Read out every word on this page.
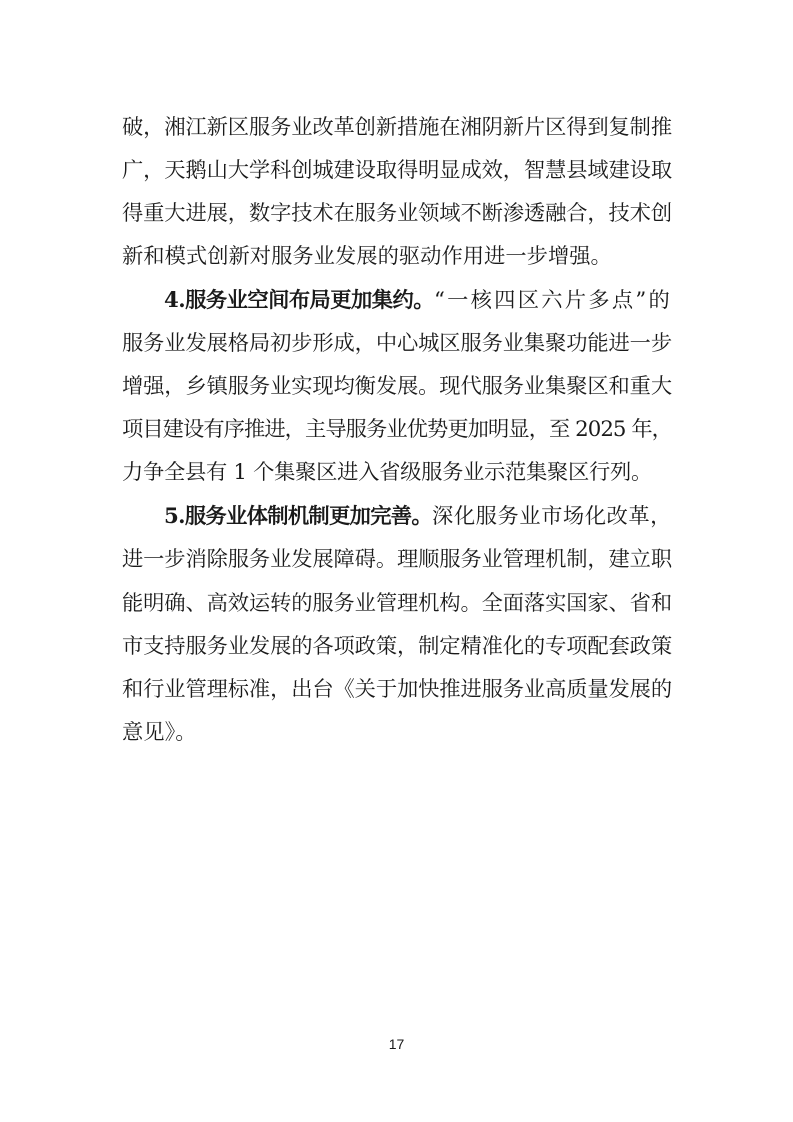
破，湘江新区服务业改革创新措施在湘阴新片区得到复制推
广，天鹅山大学科创城建设取得明显成效，智慧县域建设取
得重大进展，数字技术在服务业领域不断渗透融合，技术创
新和模式创新对服务业发展的驱动作用进一步增强。
4.服务业空间布局更加集约。“一核四区六片多点”的
服务业发展格局初步形成，中心城区服务业集聚功能进一步
增强，乡镇服务业实现均衡发展。现代服务业集聚区和重大
项目建设有序推进，主导服务业优势更加明显，至 2025 年，
力争全县有 1 个集聚区进入省级服务业示范集聚区行列。
5.服务业体制机制更加完善。深化服务业市场化改革，
进一步消除服务业发展障碍。理顺服务业管理机制，建立职
能明确、高效运转的服务业管理机构。全面落实国家、省和
市支持服务业发展的各项政策，制定精准化的专项配套政策
和行业管理标准，出台《关于加快推进服务业高质量发展的
意见》。
17
